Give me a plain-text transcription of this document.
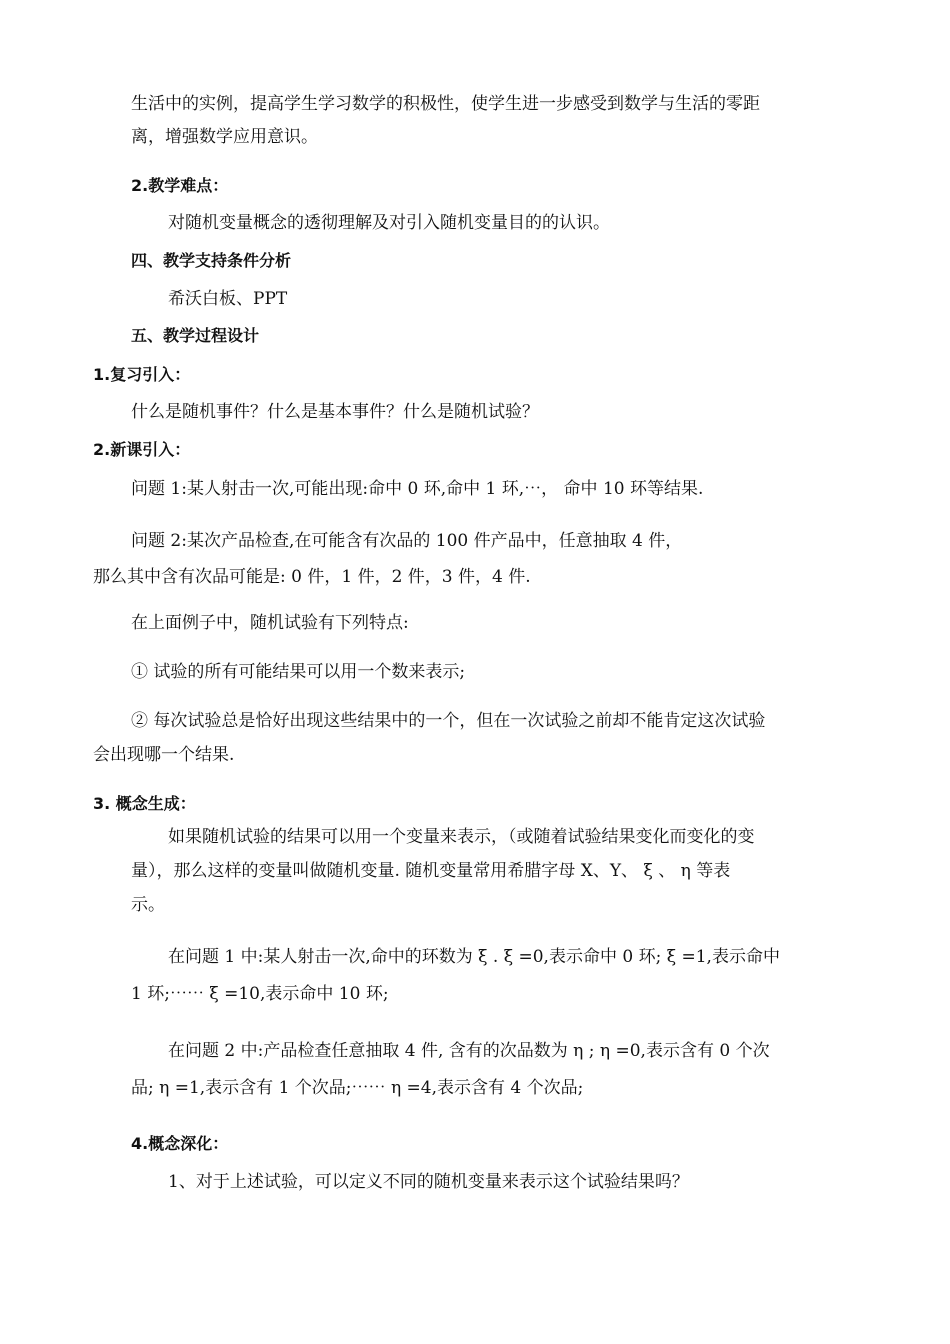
生活中的实例，提高学生学习数学的积极性，使学生进一步感受到数学与生活的零距
离，增强数学应用意识。
2.教学难点：
对随机变量概念的透彻理解及对引入随机变量目的的认识。
四、教学支持条件分析
希沃白板、PPT
五、教学过程设计
1.复习引入：
什么是随机事件？什么是基本事件？什么是随机试验？
2.新课引入：
问题 1:某人射击一次,可能出现:命中 0 环,命中 1 环,⋯， 命中 10 环等结果.
问题 2:某次产品检查,在可能含有次品的 100 件产品中，任意抽取 4 件，
那么其中含有次品可能是: 0 件，1 件，2 件，3 件，4 件.
在上面例子中，随机试验有下列特点:
① 试验的所有可能结果可以用一个数来表示;
② 每次试验总是恰好出现这些结果中的一个，但在一次试验之前却不能肯定这次试验
会出现哪一个结果.
3. 概念生成：
如果随机试验的结果可以用一个变量来表示，（或随着试验结果变化而变化的变
量），那么这样的变量叫做随机变量. 随机变量常用希腊字母 X、Y、 ξ 、 η 等表
示。
在问题 1 中:某人射击一次,命中的环数为 ξ . ξ =0,表示命中 0 环; ξ =1,表示命中
1 环;⋯⋯ ξ =10,表示命中 10 环;
在问题 2 中:产品检查任意抽取 4 件, 含有的次品数为 η ; η =0,表示含有 0 个次
品; η =1,表示含有 1 个次品;⋯⋯ η =4,表示含有 4 个次品;
4.概念深化：
1、对于上述试验，可以定义不同的随机变量来表示这个试验结果吗？
